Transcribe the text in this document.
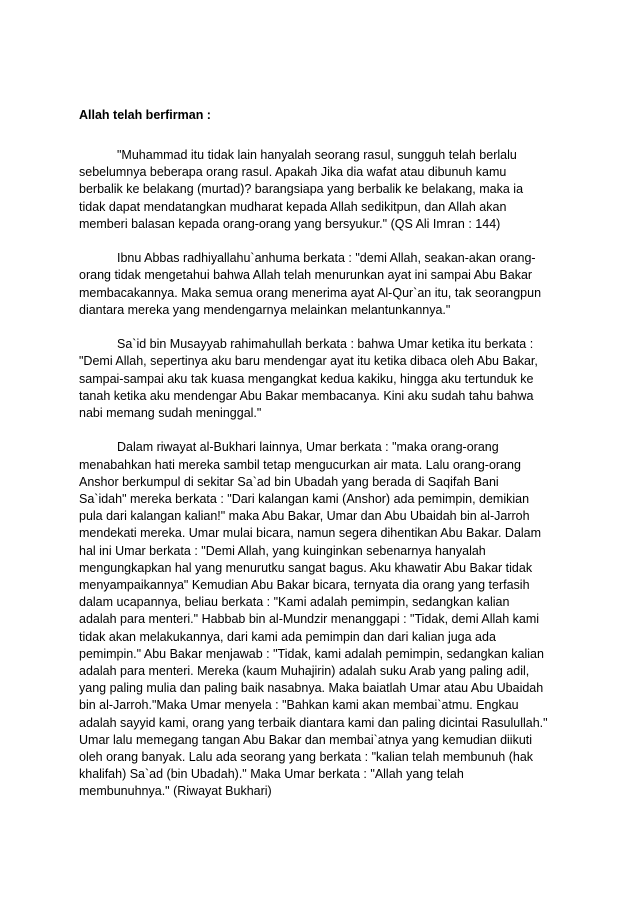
Allah telah berfirman :

"Muhammad itu tidak lain hanyalah seorang rasul, sungguh telah berlalu
sebelumnya beberapa orang rasul. Apakah Jika dia wafat atau dibunuh kamu
berbalik ke belakang (murtad)? barangsiapa yang berbalik ke belakang, maka ia
tidak dapat mendatangkan mudharat kepada Allah sedikitpun, dan Allah akan
memberi balasan kepada orang-orang yang bersyukur." (QS Ali Imran : 144)

Ibnu Abbas radhiyallahu`anhuma berkata : "demi Allah, seakan-akan orang-
orang tidak mengetahui bahwa Allah telah menurunkan ayat ini sampai Abu Bakar
membacakannya. Maka semua orang menerima ayat Al-Qur`an itu, tak seorangpun
diantara mereka yang mendengarnya melainkan melantunkannya."

Sa`id bin Musayyab rahimahullah berkata : bahwa Umar ketika itu berkata :
"Demi Allah, sepertinya aku baru mendengar ayat itu ketika dibaca oleh Abu Bakar,
sampai-sampai aku tak kuasa mengangkat kedua kakiku, hingga aku tertunduk ke
tanah ketika aku mendengar Abu Bakar membacanya. Kini aku sudah tahu bahwa
nabi memang sudah meninggal."

Dalam riwayat al-Bukhari lainnya, Umar berkata : "maka orang-orang
menabahkan hati mereka sambil tetap mengucurkan air mata. Lalu orang-orang
Anshor berkumpul di sekitar Sa`ad bin Ubadah yang berada di Saqifah Bani
Sa`idah" mereka berkata : "Dari kalangan kami (Anshor) ada pemimpin, demikian
pula dari kalangan kalian!" maka Abu Bakar, Umar dan Abu Ubaidah bin al-Jarroh
mendekati mereka. Umar mulai bicara, namun segera dihentikan Abu Bakar. Dalam
hal ini Umar berkata : "Demi Allah, yang kuinginkan sebenarnya hanyalah
mengungkapkan hal yang menurutku sangat bagus. Aku khawatir Abu Bakar tidak
menyampaikannya" Kemudian Abu Bakar bicara, ternyata dia orang yang terfasih
dalam ucapannya, beliau berkata : "Kami adalah pemimpin, sedangkan kalian
adalah para menteri." Habbab bin al-Mundzir menanggapi : "Tidak, demi Allah kami
tidak akan melakukannya, dari kami ada pemimpin dan dari kalian juga ada
pemimpin." Abu Bakar menjawab : "Tidak, kami adalah pemimpin, sedangkan kalian
adalah para menteri. Mereka (kaum Muhajirin) adalah suku Arab yang paling adil,
yang paling mulia dan paling baik nasabnya. Maka baiatlah Umar atau Abu Ubaidah
bin al-Jarroh."Maka Umar menyela : "Bahkan kami akan membai`atmu. Engkau
adalah sayyid kami, orang yang terbaik diantara kami dan paling dicintai Rasulullah."
Umar lalu memegang tangan Abu Bakar dan membai`atnya yang kemudian diikuti
oleh orang banyak. Lalu ada seorang yang berkata : "kalian telah membunuh (hak
khalifah) Sa`ad (bin Ubadah)." Maka Umar berkata : "Allah yang telah
membunuhnya." (Riwayat Bukhari)
